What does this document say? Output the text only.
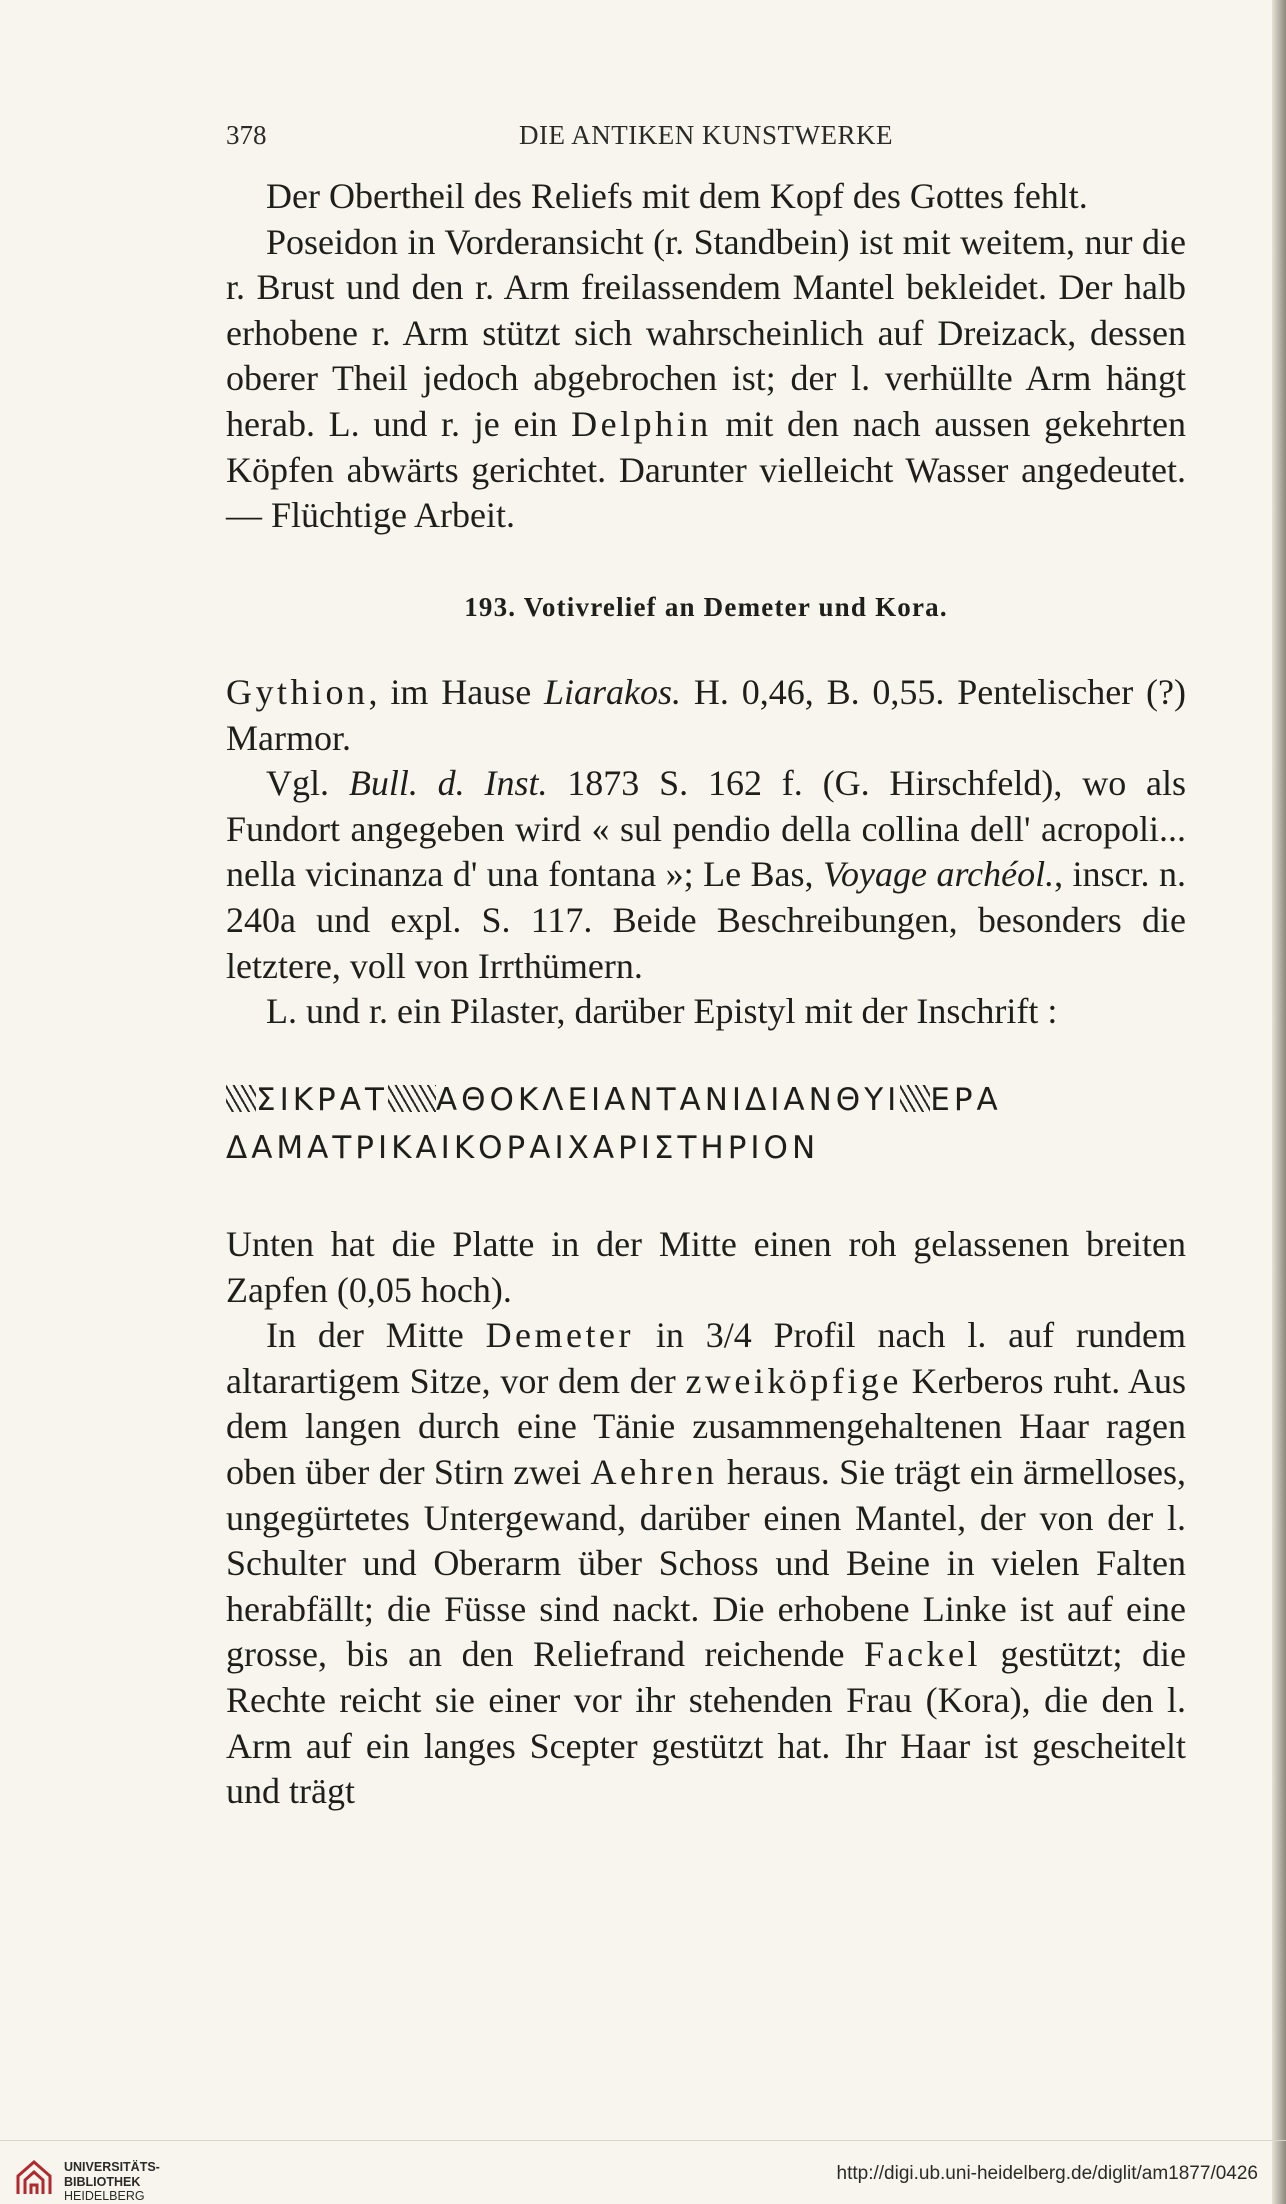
378	DIE ANTIKEN KUNSTWERKE

Der Obertheil des Reliefs mit dem Kopf des Gottes fehlt.

Poseidon in Vorderansicht (r. Standbein) ist mit weitem, nur die r. Brust und den r. Arm freilassendem Mantel bekleidet. Der halb erhobene r. Arm stützt sich wahrscheinlich auf Dreizack, dessen oberer Theil jedoch abgebrochen ist; der l. verhüllte Arm hängt herab. L. und r. je ein Delphin mit den nach aussen gekehrten Köpfen abwärts gerichtet. Darunter vielleicht Wasser angedeutet. — Flüchtige Arbeit.

193. Votivrelief an Demeter und Kora.

Gythion, im Hause Liarakos. H. 0,46, B. 0,55. Pentelischer (?) Marmor.

Vgl. Bull. d. Inst. 1873 S. 162 f. (G. Hirschfeld), wo als Fundort angegeben wird « sul pendio della collina dell' acropoli... nella vicinanza d' una fontana »; Le Bas, Voyage archéol., inscr. n. 240a und expl. S. 117. Beide Beschreibungen, besonders die letztere, voll von Irrthümern.

L. und r. ein Pilaster, darüber Epistyl mit der Inschrift :

ΣΙΚΡΑΤ ΑΘΟΚΛΕΙΑΝΤΑΝΙΔΙΑΝΘΥΙ ΕΡΑ
ΔΑΜΑΤΡΙΚΑΙΚΟΡΑΙΧΑΡΙΣΤΗΡΙΟΝ

Unten hat die Platte in der Mitte einen roh gelassenen breiten Zapfen (0,05 hoch).

In der Mitte Demeter in 3/4 Profil nach l. auf rundem altarartigem Sitze, vor dem der zweiköpfige Kerberos ruht. Aus dem langen durch eine Tänie zusammengehaltenen Haar ragen oben über der Stirn zwei Aehren heraus. Sie trägt ein ärmelloses, ungegürtetes Untergewand, darüber einen Mantel, der von der l. Schulter und Oberarm über Schoss und Beine in vielen Falten herabfällt; die Füsse sind nackt. Die erhobene Linke ist auf eine grosse, bis an den Reliefrand reichende Fackel gestützt; die Rechte reicht sie einer vor ihr stehenden Frau (Kora), die den l. Arm auf ein langes Scepter gestützt hat. Ihr Haar ist gescheitelt und trägt

UNIVERSITÄTS-
BIBLIOTHEK
HEIDELBERG
http://digi.ub.uni-heidelberg.de/diglit/am1877/0426
